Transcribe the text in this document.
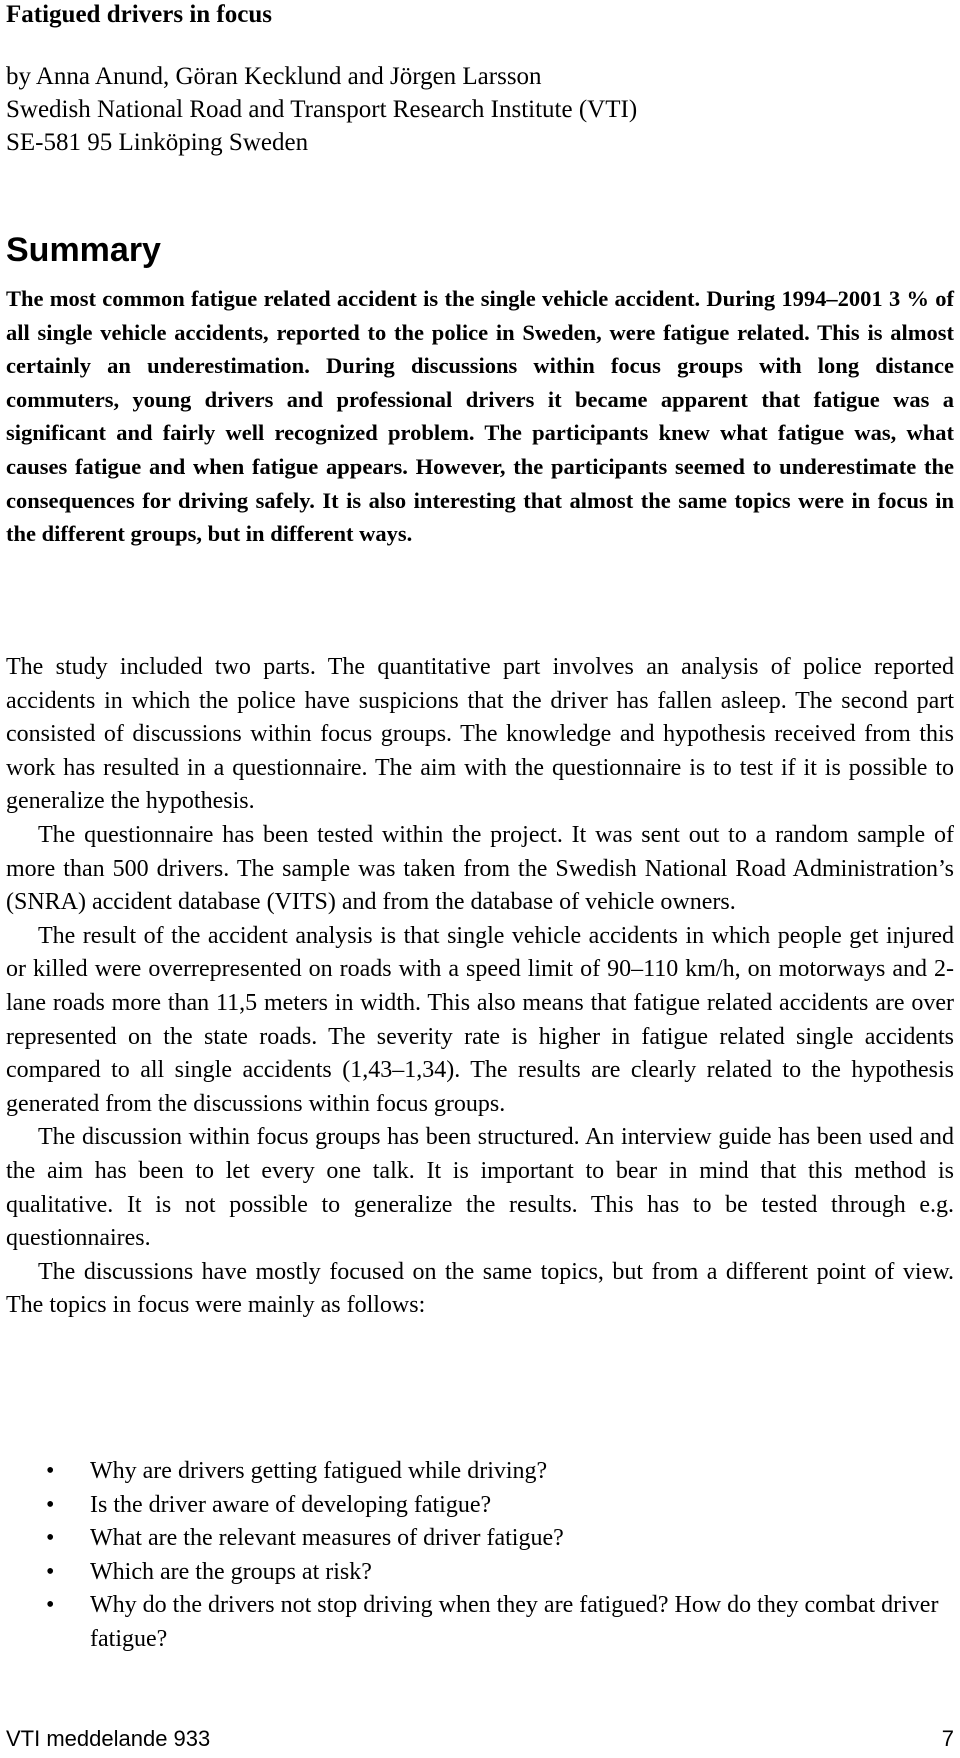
Fatigued drivers in focus
by Anna Anund, Göran Kecklund and Jörgen Larsson
Swedish National Road and Transport Research Institute (VTI)
SE-581 95 Linköping Sweden
Summary
The most common fatigue related accident is the single vehicle accident. During 1994–2001 3 % of all single vehicle accidents, reported to the police in Sweden, were fatigue related. This is almost certainly an underestimation. During discussions within focus groups with long distance commuters, young drivers and professional drivers it became apparent that fatigue was a significant and fairly well recognized problem. The participants knew what fatigue was, what causes fatigue and when fatigue appears. However, the participants seemed to underestimate the consequences for driving safely. It is also interesting that almost the same topics were in focus in the different groups, but in different ways.

The study included two parts. The quantitative part involves an analysis of police reported accidents in which the police have suspicions that the driver has fallen asleep. The second part consisted of discussions within focus groups. The knowledge and hypothesis received from this work has resulted in a questionnaire. The aim with the questionnaire is to test if it is possible to generalize the hypothesis.

The questionnaire has been tested within the project. It was sent out to a random sample of more than 500 drivers. The sample was taken from the Swedish National Road Administration’s (SNRA) accident database (VITS) and from the database of vehicle owners.

The result of the accident analysis is that single vehicle accidents in which people get injured or killed were overrepresented on roads with a speed limit of 90–110 km/h, on motorways and 2-lane roads more than 11,5 meters in width. This also means that fatigue related accidents are over represented on the state roads. The severity rate is higher in fatigue related single accidents compared to all single accidents (1,43–1,34). The results are clearly related to the hypothesis generated from the discussions within focus groups.

The discussion within focus groups has been structured. An interview guide has been used and the aim has been to let every one talk. It is important to bear in mind that this method is qualitative. It is not possible to generalize the results. This has to be tested through e.g. questionnaires.

The discussions have mostly focused on the same topics, but from a different point of view. The topics in focus were mainly as follows:

• Why are drivers getting fatigued while driving?
• Is the driver aware of developing fatigue?
• What are the relevant measures of driver fatigue?
• Which are the groups at risk?
• Why do the drivers not stop driving when they are fatigued? How do they combat driver fatigue?
VTI meddelande 933	7
